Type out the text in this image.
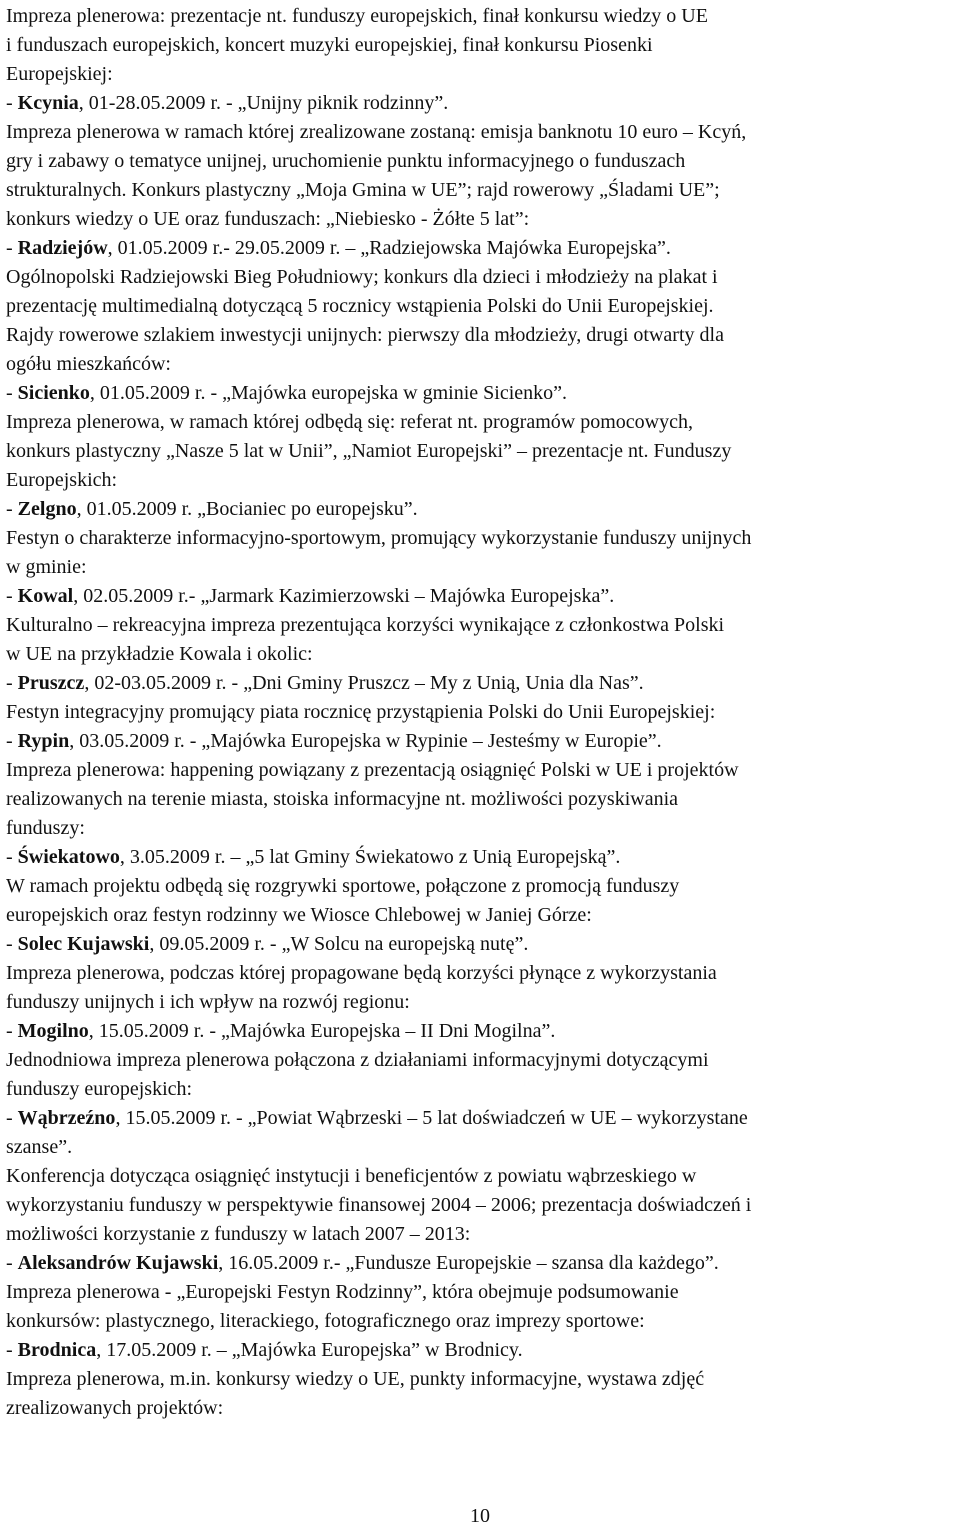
Impreza plenerowa: prezentacje nt. funduszy europejskich, finał konkursu wiedzy o UE
i funduszach europejskich, koncert muzyki europejskiej, finał konkursu Piosenki
Europejskiej:
- Kcynia, 01-28.05.2009 r. - „Unijny piknik rodzinny”.
Impreza plenerowa w ramach której zrealizowane zostaną: emisja banknotu 10 euro – Kcyń,
gry i zabawy o tematyce unijnej, uruchomienie punktu informacyjnego o funduszach
strukturalnych. Konkurs plastyczny „Moja Gmina w UE”; rajd rowerowy „Śladami UE”;
konkurs wiedzy o UE oraz funduszach: „Niebiesko - Żółte 5 lat”:
- Radziejów, 01.05.2009 r.- 29.05.2009 r. – „Radziejowska Majówka Europejska”.
Ogólnopolski Radziejowski Bieg Południowy; konkurs dla dzieci i młodzieży na plakat i
prezentację multimedialną dotyczącą 5 rocznicy wstąpienia Polski do Unii Europejskiej.
Rajdy rowerowe szlakiem inwestycji unijnych: pierwszy dla młodzieży, drugi otwarty dla
ogółu mieszkańców:
- Sicienko, 01.05.2009 r. - „Majówka europejska w gminie Sicienko”.
Impreza plenerowa, w ramach której odbędą się: referat nt. programów pomocowych,
konkurs plastyczny „Nasze 5 lat w Unii”, „Namiot Europejski” – prezentacje nt. Funduszy
Europejskich:
- Zelgno, 01.05.2009 r. „Bocianiec po europejsku”.
Festyn o charakterze informacyjno-sportowym, promujący wykorzystanie funduszy unijnych
w gminie:
- Kowal, 02.05.2009 r.- „Jarmark Kazimierzowski – Majówka Europejska”.
Kulturalno – rekreacyjna impreza prezentująca korzyści wynikające z członkostwa Polski
w UE na przykładzie Kowala i okolic:
- Pruszcz, 02-03.05.2009 r. - „Dni Gminy Pruszcz – My z Unią, Unia dla Nas”.
Festyn integracyjny promujący piata rocznicę przystąpienia Polski do Unii Europejskiej:
- Rypin, 03.05.2009 r. - „Majówka Europejska w Rypinie – Jesteśmy w Europie”.
Impreza plenerowa: happening powiązany z prezentacją osiągnięć Polski w UE i projektów
realizowanych na terenie miasta, stoiska informacyjne nt. możliwości pozyskiwania
funduszy:
- Świekatowo, 3.05.2009 r. – „5 lat Gminy Świekatowo z Unią Europejską”.
W ramach projektu odbędą się rozgrywki sportowe, połączone z promocją funduszy
europejskich oraz festyn rodzinny we Wiosce Chlebowej w Janiej Górze:
- Solec Kujawski, 09.05.2009 r. - „W Solcu na europejską nutę”.
Impreza plenerowa, podczas której propagowane będą korzyści płynące z wykorzystania
funduszy unijnych i ich wpływ na rozwój regionu:
- Mogilno, 15.05.2009 r. - „Majówka Europejska – II Dni Mogilna”.
Jednodniowa impreza plenerowa połączona z działaniami informacyjnymi dotyczącymi
funduszy europejskich:
- Wąbrzeźno, 15.05.2009 r. - „Powiat Wąbrzeski – 5 lat doświadczeń w UE – wykorzystane
szanse”.
Konferencja dotycząca osiągnięć instytucji i beneficjentów z powiatu wąbrzeskiego w
wykorzystaniu funduszy w perspektywie finansowej 2004 – 2006; prezentacja doświadczeń i
możliwości korzystanie z funduszy w latach 2007 – 2013:
- Aleksandrów Kujawski, 16.05.2009 r.- „Fundusze Europejskie – szansa dla każdego”.
Impreza plenerowa - „Europejski Festyn Rodzinny”, która obejmuje podsumowanie
konkursów: plastycznego, literackiego, fotograficznego oraz imprezy sportowe:
- Brodnica, 17.05.2009 r. – „Majówka Europejska” w Brodnicy.
Impreza plenerowa, m.in. konkursy wiedzy o UE, punkty informacyjne, wystawa zdjęć
zrealizowanych projektów:
10
